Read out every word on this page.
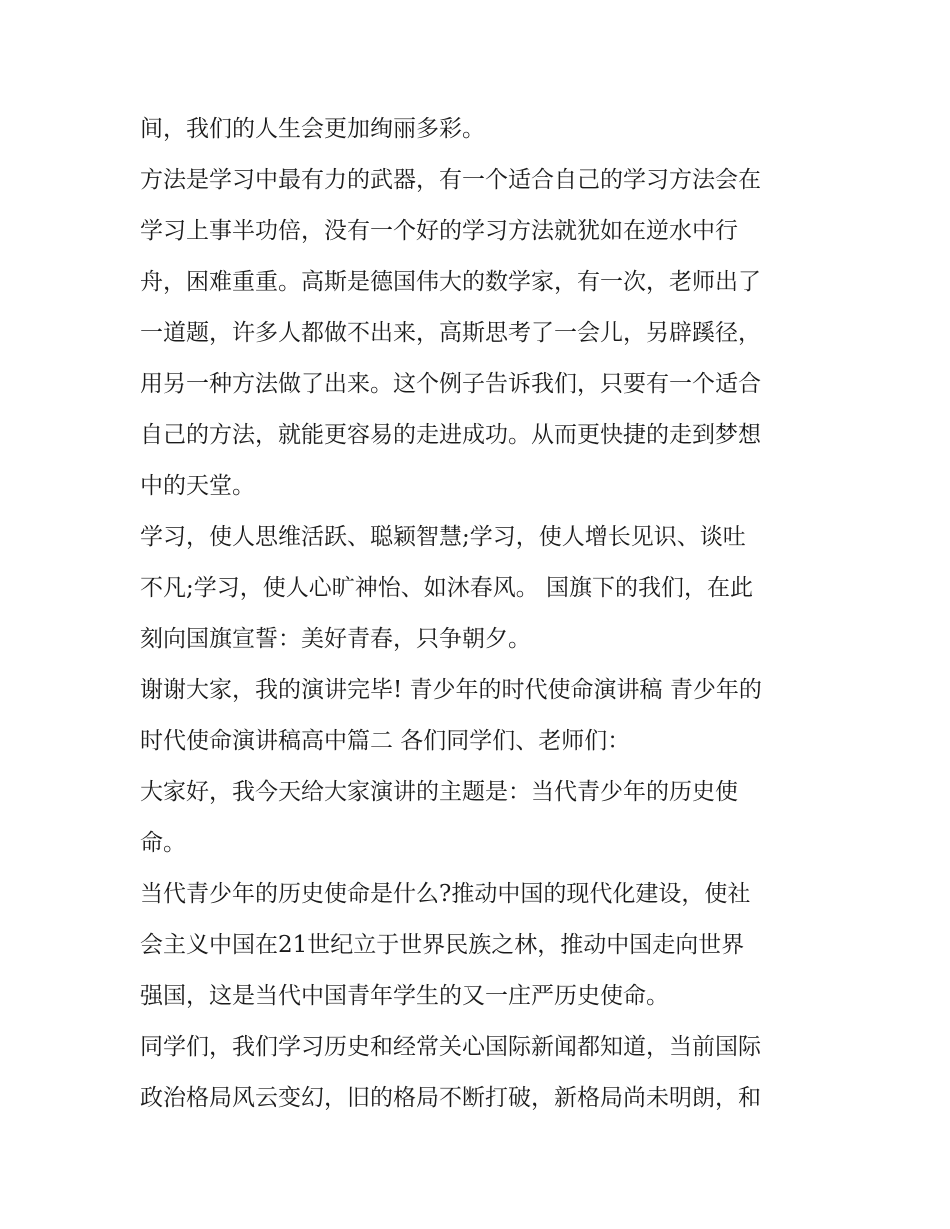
间，我们的人生会更加绚丽多彩。

方法是学习中最有力的武器，有一个适合自己的学习方法会在
学习上事半功倍，没有一个好的学习方法就犹如在逆水中行
舟，困难重重。高斯是德国伟大的数学家，有一次，老师出了
一道题，许多人都做不出来，高斯思考了一会儿，另辟蹊径，
用另一种方法做了出来。这个例子告诉我们，只要有一个适合
自己的方法，就能更容易的走进成功。从而更快捷的走到梦想
中的天堂。

学习，使人思维活跃、聪颖智慧;学习，使人增长见识、谈吐
不凡;学习，使人心旷神怡、如沐春风。 国旗下的我们，在此
刻向国旗宣誓：美好青春，只争朝夕。

谢谢大家，我的演讲完毕! 青少年的时代使命演讲稿 青少年的
时代使命演讲稿高中篇二 各们同学们、老师们：

大家好，我今天给大家演讲的主题是：当代青少年的历史使
命。

当代青少年的历史使命是什么?推动中国的现代化建设，使社
会主义中国在21世纪立于世界民族之林，推动中国走向世界
强国，这是当代中国青年学生的又一庄严历史使命。

同学们，我们学习历史和经常关心国际新闻都知道，当前国际
政治格局风云变幻，旧的格局不断打破，新格局尚未明朗，和
